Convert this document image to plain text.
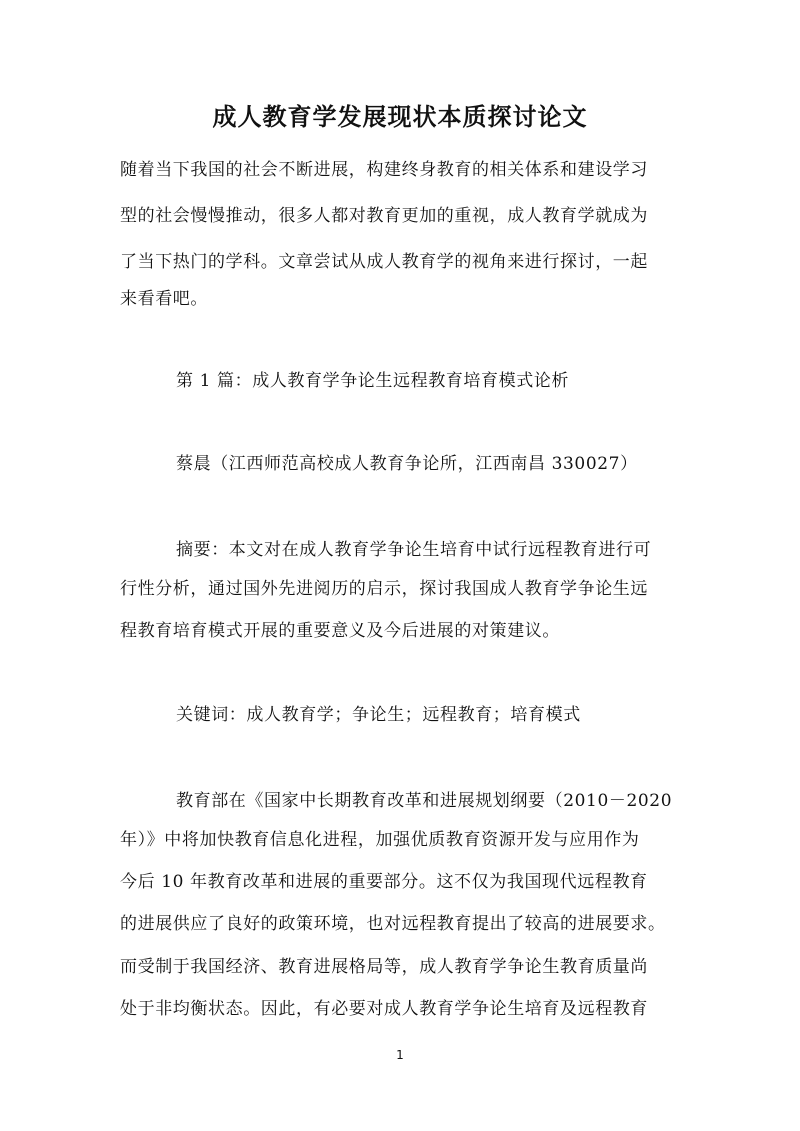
成人教育学发展现状本质探讨论文
随着当下我国的社会不断进展，构建终身教育的相关体系和建设学习
型的社会慢慢推动，很多人都对教育更加的重视，成人教育学就成为
了当下热门的学科。文章尝试从成人教育学的视角来进行探讨，一起
来看看吧。
第 1 篇：成人教育学争论生远程教育培育模式论析
蔡晨（江西师范高校成人教育争论所，江西南昌 330027）
摘要：本文对在成人教育学争论生培育中试行远程教育进行可
行性分析，通过国外先进阅历的启示，探讨我国成人教育学争论生远
程教育培育模式开展的重要意义及今后进展的对策建议。
关键词：成人教育学；争论生；远程教育；培育模式
教育部在《国家中长期教育改革和进展规划纲要（2010－2020
年）》中将加快教育信息化进程，加强优质教育资源开发与应用作为
今后 10 年教育改革和进展的重要部分。这不仅为我国现代远程教育
的进展供应了良好的政策环境，也对远程教育提出了较高的进展要求。
而受制于我国经济、教育进展格局等，成人教育学争论生教育质量尚
处于非均衡状态。因此，有必要对成人教育学争论生培育及远程教育
1
